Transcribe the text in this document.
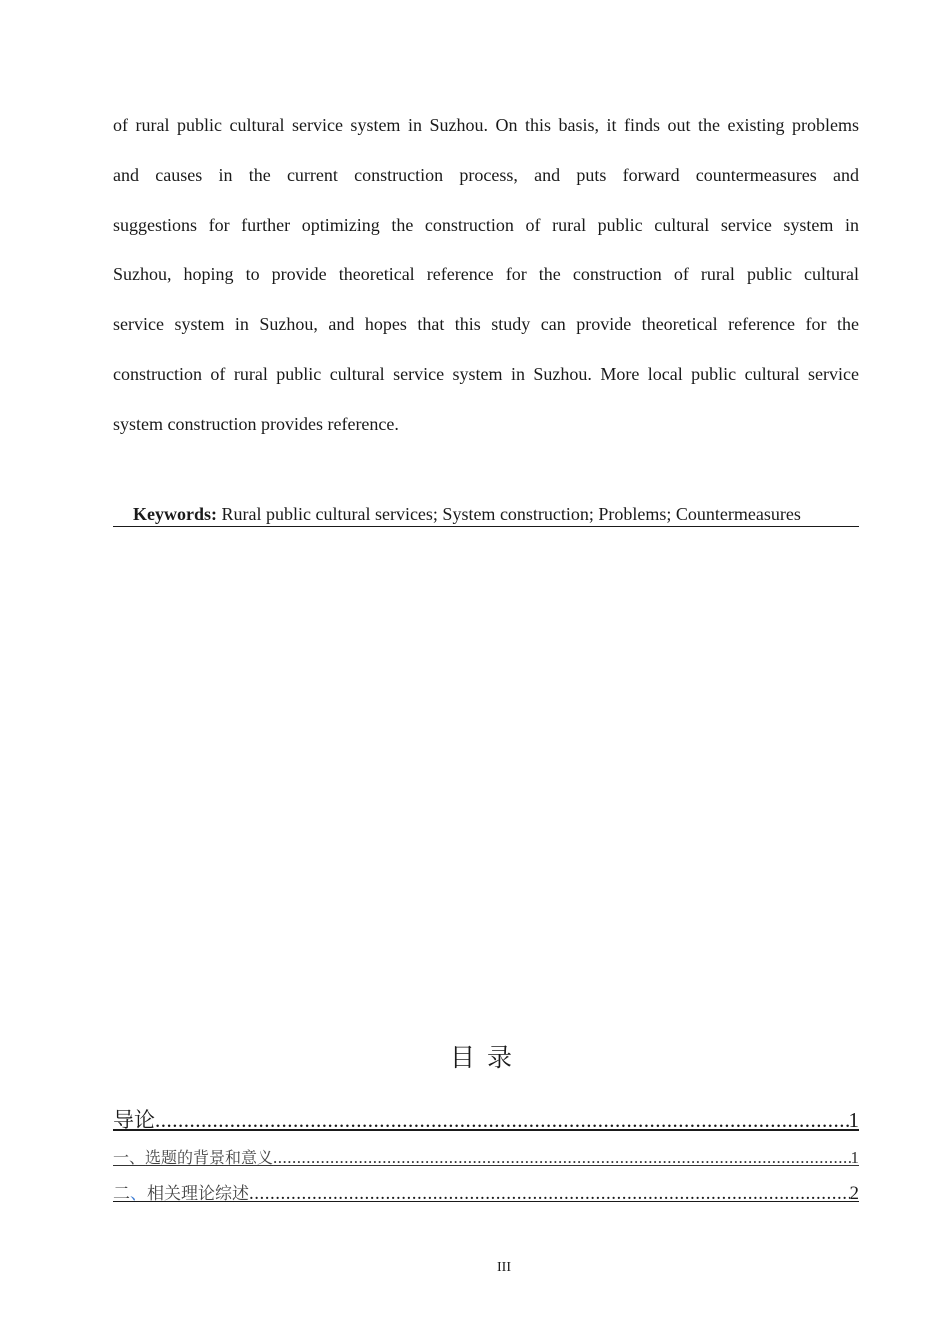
of rural public cultural service system in Suzhou. On this basis, it finds out the existing problems
and causes in the current construction process, and puts forward countermeasures and
suggestions for further optimizing the construction of rural public cultural service system in
Suzhou, hoping to provide theoretical reference for the construction of rural public cultural
service system in Suzhou, and hopes that this study can provide theoretical reference for the
construction of rural public cultural service system in Suzhou. More local public cultural service
system construction provides reference.
Keywords: Rural public cultural services; System construction; Problems; Countermeasures
目录
导论 .....	1
一、选题的背景和意义 .....	1
二、相关理论综述 .....	2
III
